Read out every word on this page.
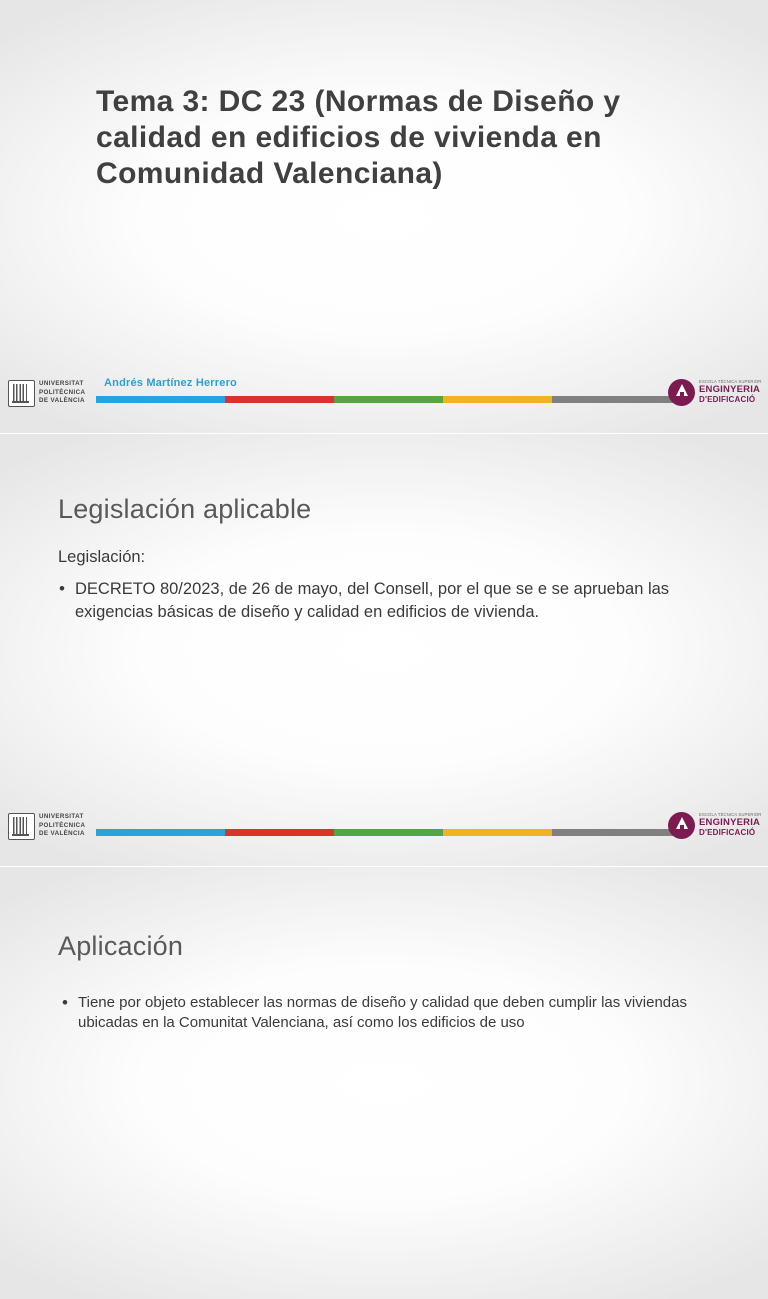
Tema 3: DC 23 (Normas de Diseño y calidad en edificios de vivienda en Comunidad Valenciana)
UNIVERSITAT
POLITÈCNICA
DE VALÈNCIA
Andrés Martínez Herrero	ESCOLA TÈCNICA SUPERIOR
ENGINYERIA
D'EDIFICACIÓ
Legislación aplicable

Legislación:

• DECRETO 80/2023, de 26 de mayo, del Consell, por el que se e se aprueban las exigencias básicas de diseño y calidad en edificios de vivienda.
UNIVERSITAT
POLITÈCNICA
DE VALÈNCIA
ESCOLA TÈCNICA SUPERIOR
ENGINYERIA
D'EDIFICACIÓ
Aplicación
• Tiene por objeto establecer las normas de diseño y calidad que deben cumplir las viviendas ubicadas en la Comunitat Valenciana, así como los edificios de uso
